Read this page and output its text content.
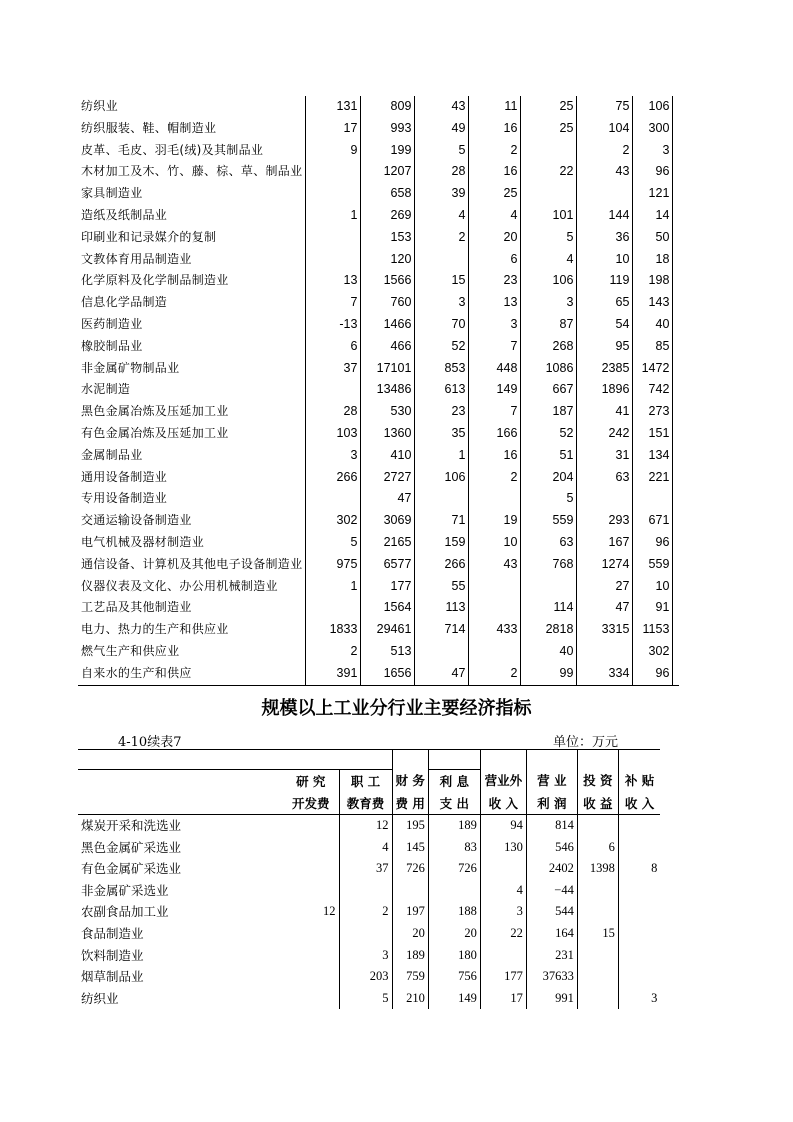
纺织业	131	809	43	11	25	75	106	
纺织服装、鞋、帽制造业	17	993	49	16	25	104	300	
皮革、毛皮、羽毛(绒)及其制品业	9	199	5	2		2	3	
木材加工及木、竹、藤、棕、草、制品业		1207	28	16	22	43	96	
家具制造业		658	39	25			121	
造纸及纸制品业	1	269	4	4	101	144	14	
印刷业和记录媒介的复制		153	2	20	5	36	50	
文教体育用品制造业		120		6	4	10	18	
化学原料及化学制品制造业	13	1566	15	23	106	119	198	
信息化学品制造	7	760	3	13	3	65	143	
医药制造业	-13	1466	70	3	87	54	40	
橡胶制品业	6	466	52	7	268	95	85	
非金属矿物制品业	37	17101	853	448	1086	2385	1472	
水泥制造		13486	613	149	667	1896	742	
黑色金属冶炼及压延加工业	28	530	23	7	187	41	273	
有色金属冶炼及压延加工业	103	1360	35	166	52	242	151	
金属制品业	3	410	1	16	51	31	134	
通用设备制造业	266	2727	106	2	204	63	221	
专用设备制造业		47			5			
交通运输设备制造业	302	3069	71	19	559	293	671	
电气机械及器材制造业	5	2165	159	10	63	167	96	
通信设备、计算机及其他电子设备制造业	975	6577	266	43	768	1274	559	
仪器仪表及文化、办公用机械制造业	1	177	55			27	10	
工艺品及其他制造业		1564	113		114	47	91	
电力、热力的生产和供应业	1833	29461	714	433	2818	3315	1153	
燃气生产和供应业	2	513			40		302	
自来水的生产和供应	391	1656	47	2	99	334	96	
规模以上工业分行业主要经济指标
4-10续表7	单位：万元

	研 究	职 工	财 务	利 息	营业外	营 业	投 资	补 贴
	开发费	教育费	费 用	支 出	收 入	利 润	收 益	收 入
煤炭开采和洗选业		12	195	189	94	814		
黑色金属矿采选业		4	145	83	130	546	6	
有色金属矿采选业		37	726	726		2402	1398	8
非金属矿采选业					4	−44		
农副食品加工业	12	2	197	188	3	544		
食品制造业			20	20	22	164	15	
饮料制造业		3	189	180		231		
烟草制品业		203	759	756	177	37633		
纺织业		5	210	149	17	991		3
